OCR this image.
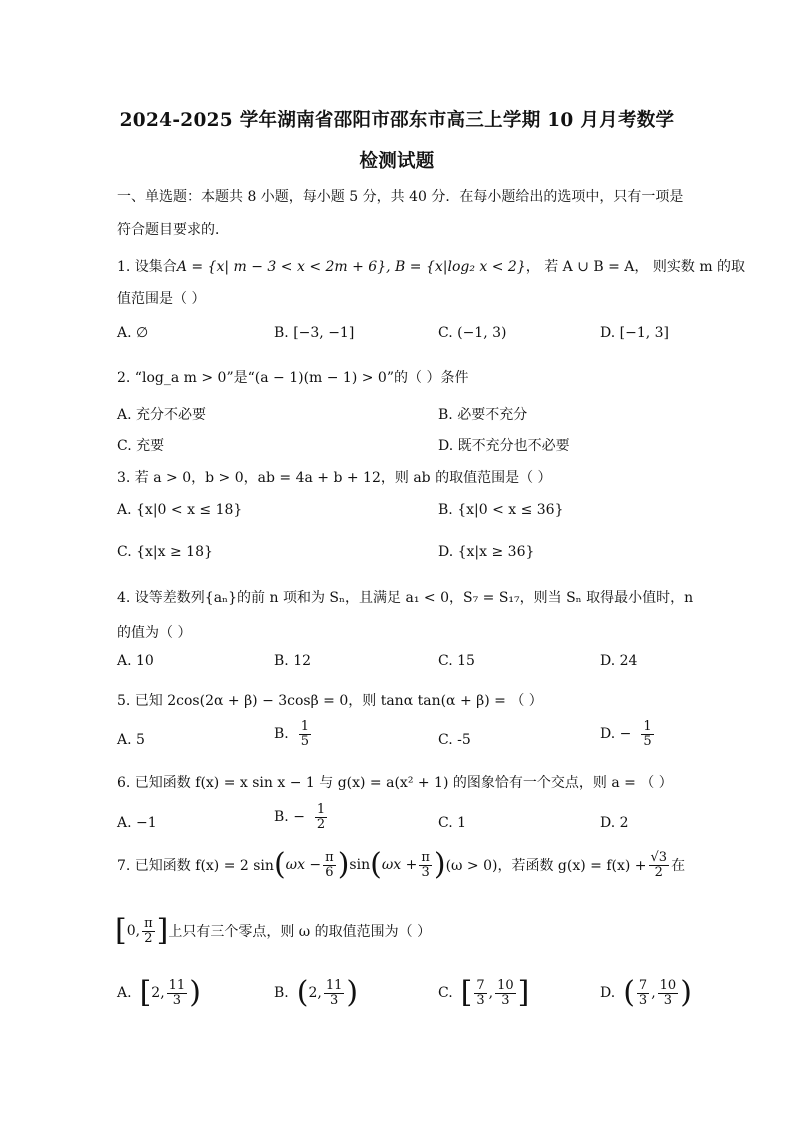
2024-2025 学年湖南省邵阳市邵东市高三上学期 10 月月考数学
检测试题
一、单选题：本题共 8 小题，每小题 5 分，共 40 分．在每小题给出的选项中，只有一项是
符合题目要求的．
1. 设集合A = {x| m − 3 < x < 2m + 6}, B = {x|log₂ x < 2}， 若 A ∪ B = A， 则实数 m 的取
值范围是（ ）
A. ∅	B. [−3, −1]	C. (−1, 3)	D. [−1, 3]
2. “log_a m > 0”是“(a − 1)(m − 1) > 0”的（ ）条件
A. 充分不必要	B. 必要不充分
C. 充要	D. 既不充分也不必要
3. 若 a > 0，b > 0，ab = 4a + b + 12，则 ab 的取值范围是（ ）
A. {x|0 < x ≤ 18}	B. {x|0 < x ≤ 36}
C. {x|x ≥ 18}	D. {x|x ≥ 36}
4. 设等差数列{aₙ}的前 n 项和为 Sₙ，且满足 a₁ < 0，S₇ = S₁₇，则当 Sₙ 取得最小值时，n
的值为（ ）
A. 10	B. 12	C. 15	D. 24
5. 已知 2cos(2α + β) − 3cosβ = 0，则 tanα tan(α + β) = （ ）
A. 5	B. $\frac{1}{5}$	C. -5	D. − $\frac{1}{5}$
6. 已知函数 f(x) = x sin x − 1 与 g(x) = a(x² + 1) 的图象恰有一个交点，则 a = （ ）
A. −1	B. − $\frac{1}{2}$	C. 1	D. 2
7. 已知函数 f(x) = 2 sin ( $\omega x - \frac{\pi}{6}$ ) sin ( $\omega x + \frac{\pi}{3}$ ) (ω > 0)，若函数 $g(x) = f(x) + \frac{√3}{2}$ 在
[ 0, $\frac{\pi}{2}$ ] 上只有三个零点，则 ω 的取值范围为（ ）
A. [ 2, $\frac{11}{3}$ )	B. ( 2, $\frac{11}{3}$ )	C. [ $\frac{7}{3}$ , $\frac{10}{3}$ ]	D. ( $\frac{7}{3}$ , $\frac{10}{3}$ )
